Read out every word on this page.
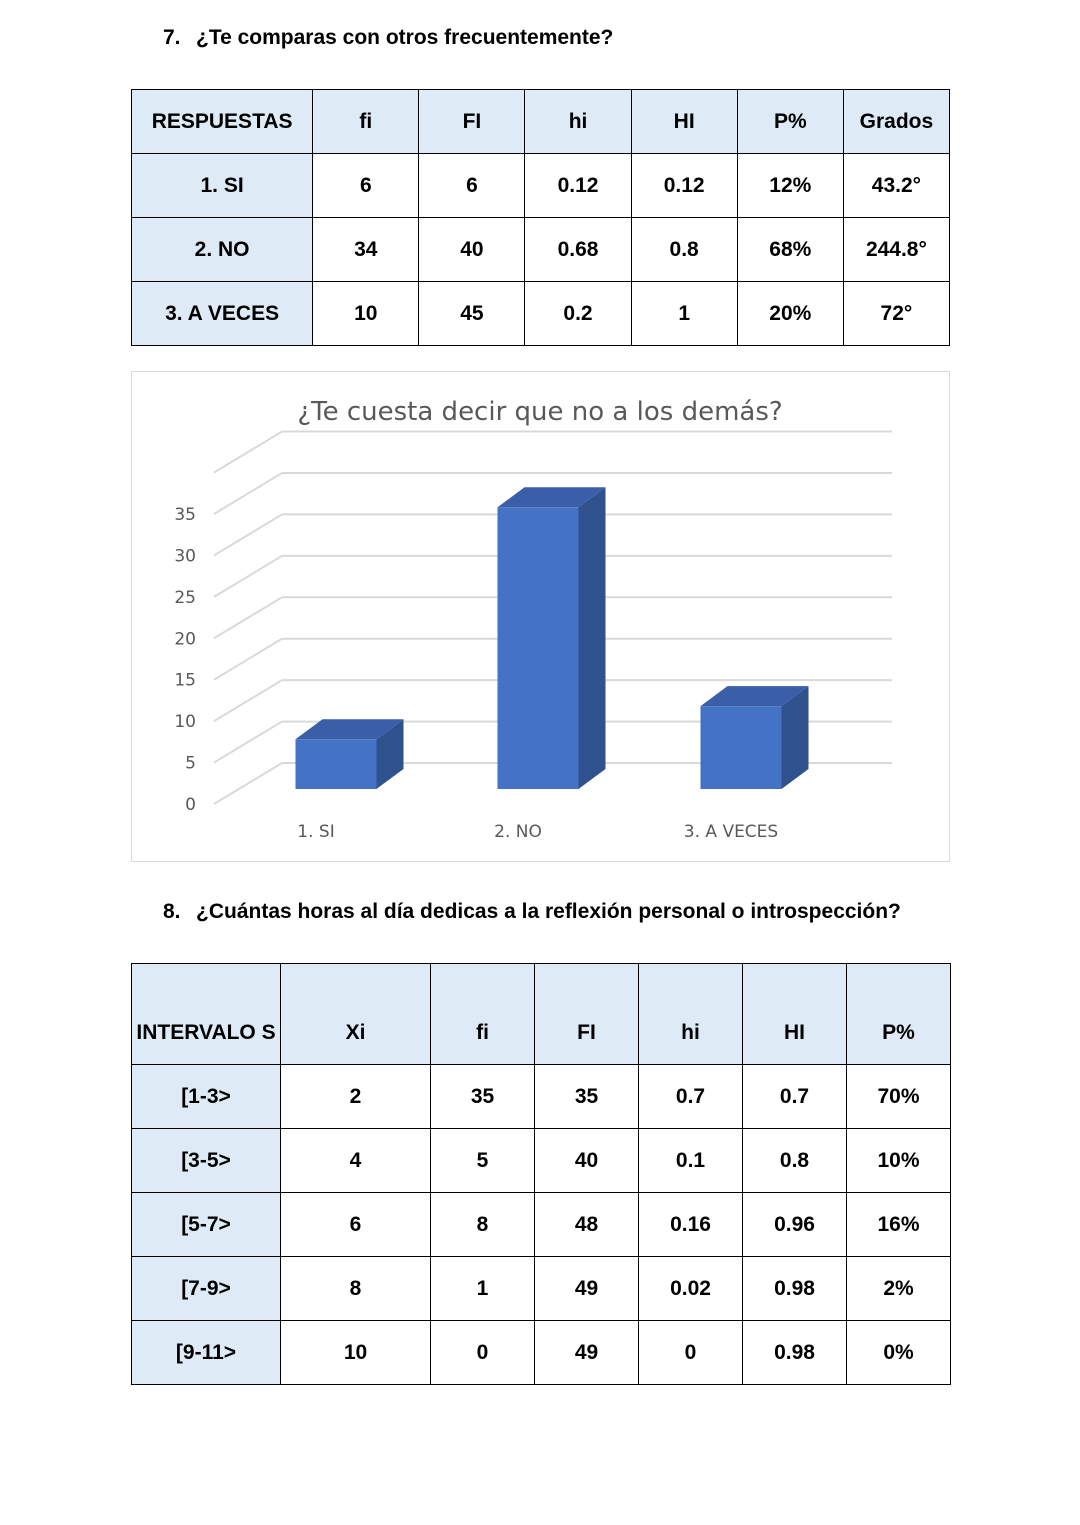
7. ¿Te comparas con otros frecuentemente?

RESPUESTAS	fi	FI	hi	HI	P%	Grados
1. SI	6	6	0.12	0.12	12%	43.2°
2. NO	34	40	0.68	0.8	68%	244.8°
3. A VECES	10	45	0.2	1	20%	72°
¿Te cuesta decir que no a los demás?
0
5
10
15
20
25
30
35
1. SI	2. NO	3. A VECES

8. ¿Cuántas horas al día dedicas a la reflexión personal o introspección?

INTERVALO S	Xi	fi	FI	hi	HI	P%
[1-3>	2	35	35	0.7	0.7	70%
[3-5>	4	5	40	0.1	0.8	10%
[5-7>	6	8	48	0.16	0.96	16%
[7-9>	8	1	49	0.02	0.98	2%
[9-11>	10	0	49	0	0.98	0%
